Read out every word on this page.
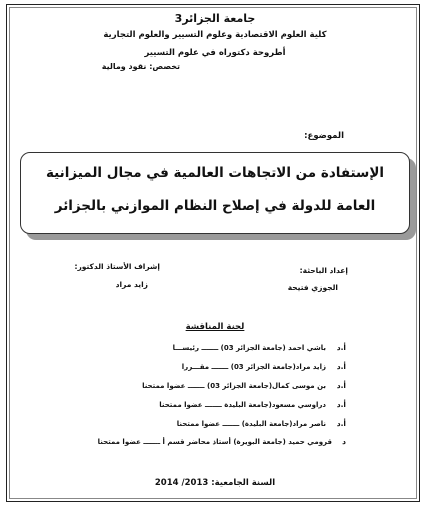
جامعة الجزائر3
كلية العلوم الاقتصادية وعلوم التسيير والعلوم التجارية
أطروحة دكتوراه في علوم التسيير
تخصص: نقود ومالية
الموضوع:
الإستفادة من الاتجاهات العالمية في مجال الميزانية
العامة للدولة في إصلاح النظام الموازني بالجزائر
إعداد الباحثة:
الجوزي فتيحة
إشراف الأستاذ الدكتور:
زايد مراد
لجنة المناقشة
أ.د
باشي احمد (جامعة الجزائر 03) ـــــــ رئيســـا
أ.د
زايد مراد(جامعة الجزائر 03) ـــــــ مقـــررا
أ.د
بن موسى كمال(جامعة الجزائر 03) ـــــــ عضوا ممتحنا
أ.د
دراوسي مسعود(جامعة البليدة ـــــــ عضوا ممتحنا
أ.د
ناصر مراد(جامعة البليدة) ـــــــ عضوا ممتحنا
د
قرومي حميد (جامعة البويرة) أستاذ محاضر قسم أ ـــــــ عضوا ممتحنا
السنة الجامعية: 2013/ 2014
